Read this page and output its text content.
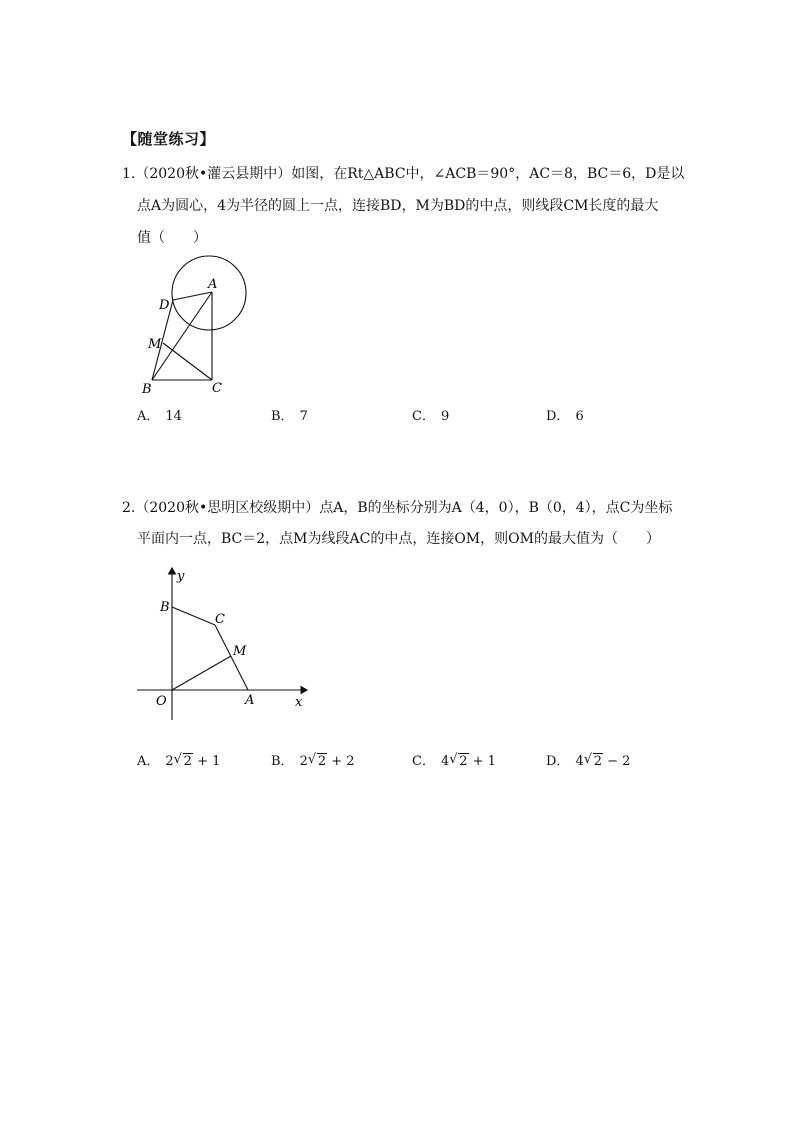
【随堂练习】
1.（2020秋•灌云县期中）如图，在Rt△ABC中，∠ACB＝90°，AC＝8，BC＝6，D是以
点A为圆心，4为半径的圆上一点，连接BD，M为BD的中点，则线段CM长度的最大
值（　　）
A
D
M
B	C
A． 14	B． 7	C． 9	D． 6
2.（2020秋•思明区校级期中）点A，B的坐标分别为A（4，0），B（0，4），点C为坐标
平面内一点，BC＝2，点M为线段AC的中点，连接OM，则OM的最大值为（　　）
y
B
C
M
O	A	x
A． 2 √ 2 + 1	B． 2 √ 2 + 2	C． 4 √ 2 + 1	D． 4 √ 2 − 2
